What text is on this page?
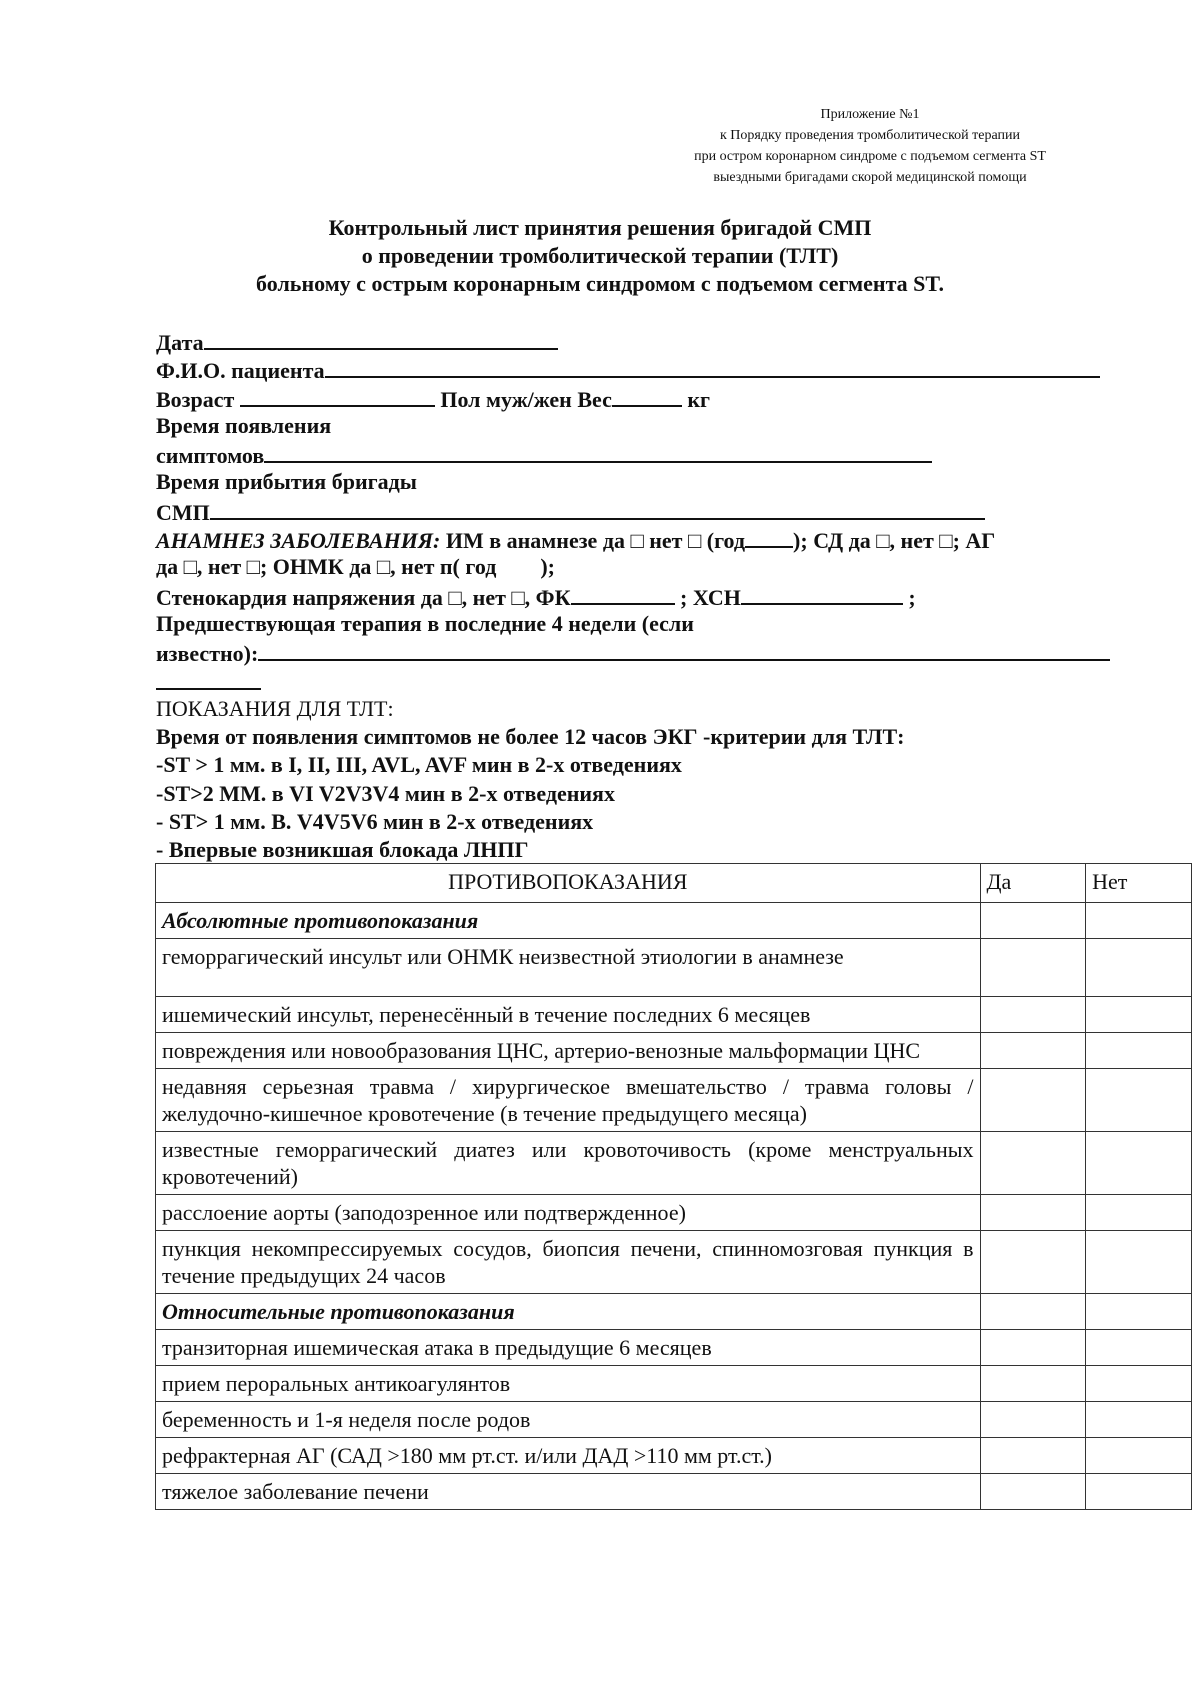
Приложение №1
к Порядку проведения тромболитической терапии
при остром коронарном синдроме с подъемом сегмента ST
выездными бригадами скорой медицинской помощи
Контрольный лист принятия решения бригадой СМП
о проведении тромболитической терапии (ТЛТ)
больному с острым коронарным синдромом с подъемом сегмента ST.
Дата
Ф.И.О. пациента
Возраст	Пол муж/жен Вес	кг
Время появления
симптомов
Время прибытия бригады
СМП
АНАМНЕЗ ЗАБОЛЕВАНИЯ: ИМ в анамнезе да □ нет □ (год ); СД да □, нет □; АГ
да □, нет □; ОНМК да □, нет п( год        );
Стенокардия напряжения да □, нет □, ФК	; ХСН	;
Предшествующая терапия в последние 4 недели (если
известно):
ПОКАЗАНИЯ ДЛЯ ТЛТ:
Время от появления симптомов не более 12 часов ЭКГ -критерии для ТЛТ:
-ST > 1 мм. в I, II, III, AVL, AVF мин в 2-х отведениях
-ST>2 ММ. в VI V2V3V4 мин в 2-х отведениях
- ST> 1 мм. В. V4V5V6 мин в 2-х отведениях
- Впервые возникшая блокада ЛНПГ
ПРОТИВОПОКАЗАНИЯ	Да	Нет
Абсолютные противопоказания		
геморрагический инсульт или ОНМК неизвестной этиологии в анамнезе		
ишемический инсульт, перенесённый в течение последних 6 месяцев		
повреждения или новообразования ЦНС, артерио-венозные мальформации ЦНС		
недавняя серьезная травма / хирургическое вмешательство / травма головы / желудочно-кишечное кровотечение (в течение предыдущего месяца)		
известные геморрагический диатез или кровоточивость (кроме менструальных кровотечений)		
расслоение аорты (заподозренное или подтвержденное)		
пункция некомпрессируемых сосудов, биопсия печени, спинномозговая пункция в течение предыдущих 24 часов		
Относительные противопоказания		
транзиторная ишемическая атака в предыдущие 6 месяцев		
прием пероральных антикоагулянтов		
беременность и 1-я неделя после родов		
рефрактерная АГ (САД >180 мм рт.ст. и/или ДАД >110 мм рт.ст.)		
тяжелое заболевание печени		
